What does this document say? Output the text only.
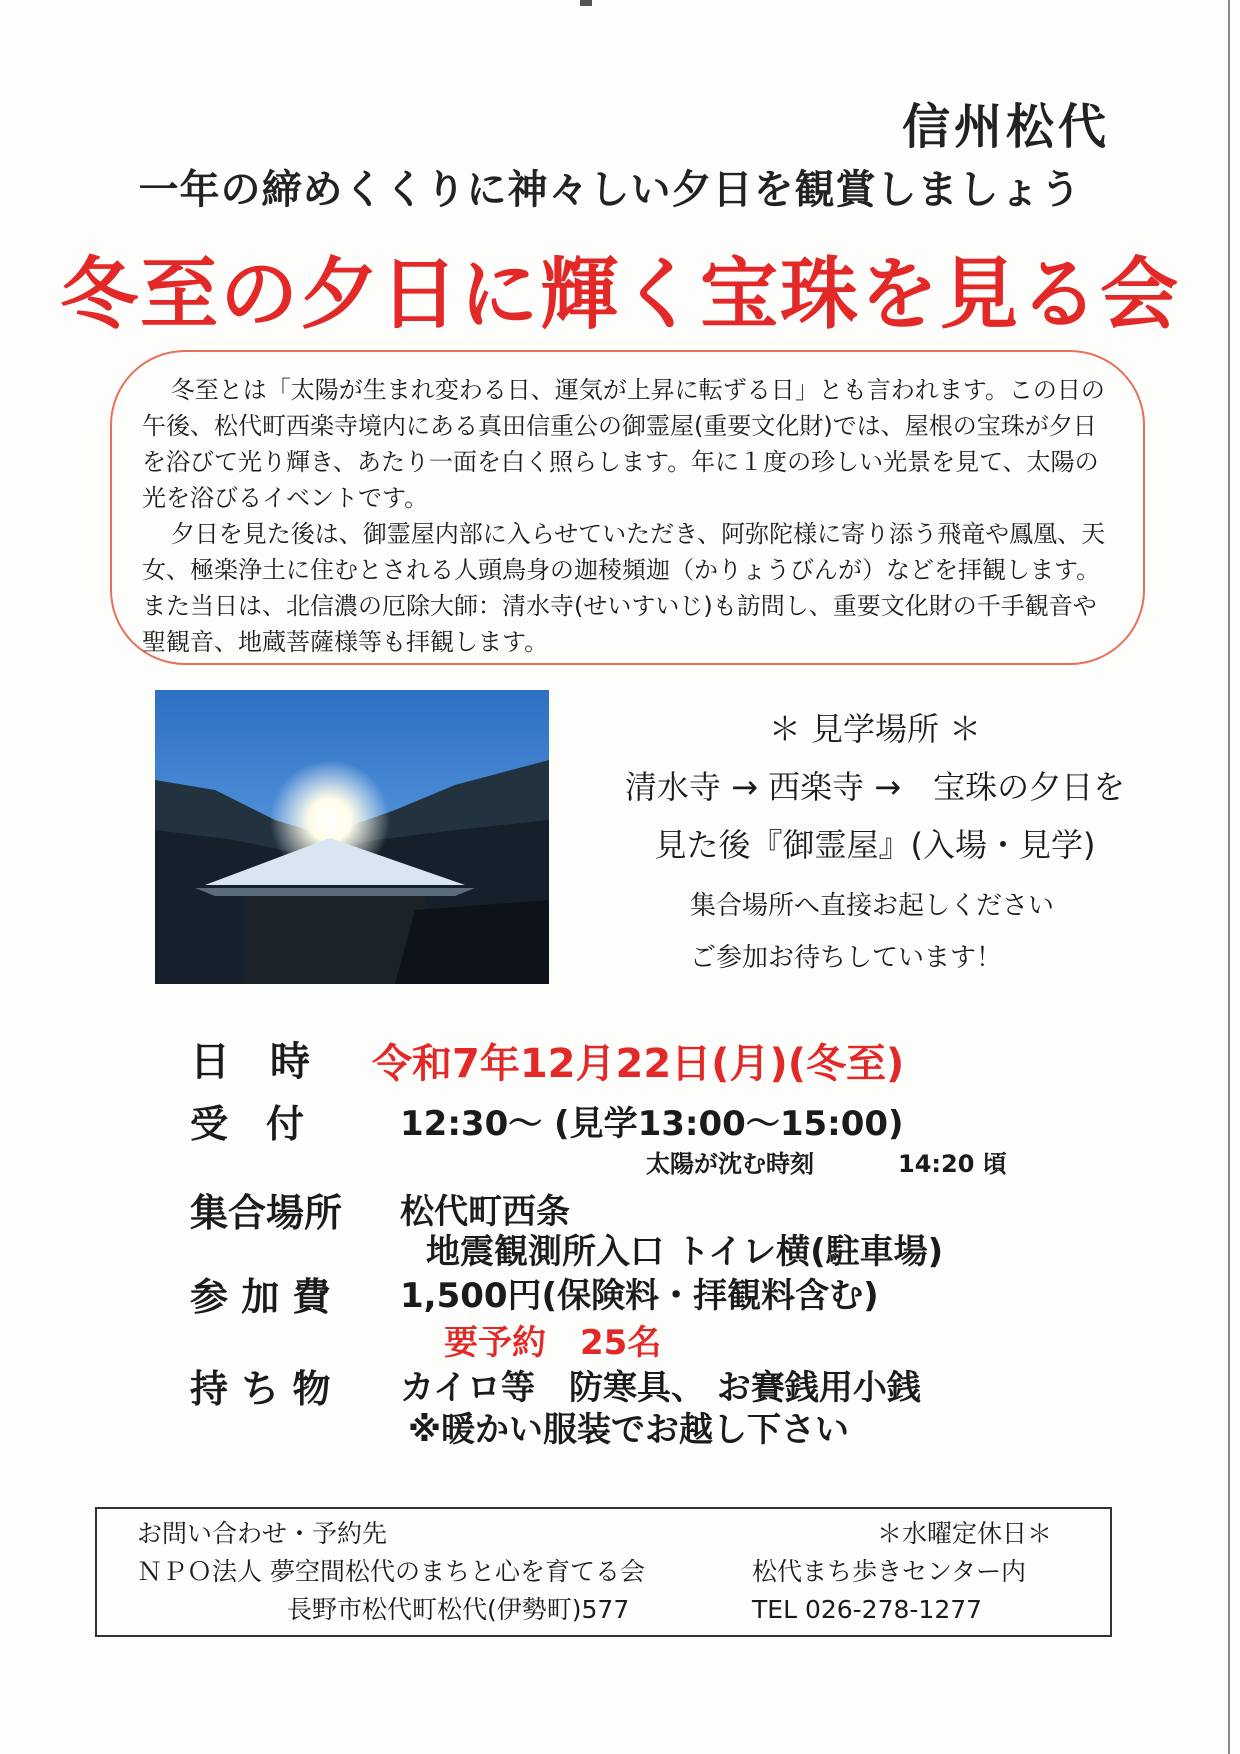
信州松代
一年の締めくくりに神々しい夕日を観賞しましょう
冬至の夕日に輝く宝珠を見る会

冬至とは「太陽が生まれ変わる日、運気が上昇に転ずる日」とも言われます。この日の午後、松代町西楽寺境内にある真田信重公の御霊屋(重要文化財)では、屋根の宝珠が夕日を浴びて光り輝き、あたり一面を白く照らします。年に１度の珍しい光景を見て、太陽の光を浴びるイベントです。

夕日を見た後は、御霊屋内部に入らせていただき、阿弥陀様に寄り添う飛竜や鳳凰、天女、極楽浄土に住むとされる人頭鳥身の迦稜頻迦（かりょうびんが）などを拝観します。また当日は、北信濃の厄除大師：清水寺(せいすいじ)も訪問し、重要文化財の千手観音や聖観音、地蔵菩薩様等も拝観します。

＊ 見学場所 ＊
清水寺 → 西楽寺 →　宝珠の夕日を
見た後『御霊屋』(入場・見学)
集合場所へ直接お起しください
ご参加お待ちしています！
日　時 令和7年12月22日(月)(冬至)
受　付	12:30～ (見学13:00～15:00)
太陽が沈む時刻	14:20 頃
集合場所 松代町西条
地震観測所入口 トイレ横(駐車場)
参 加 費 1,500円(保険料・拝観料含む)
要予約　25名
持 ち 物 カイロ等　防寒具、 お賽銭用小銭
※暖かい服装でお越し下さい
お問い合わせ・予約先	＊水曜定休日＊
ＮＰＯ法人 夢空間松代のまちと心を育てる会	松代まち歩きセンター内
長野市松代町松代(伊勢町)577	TEL 026-278-1277
